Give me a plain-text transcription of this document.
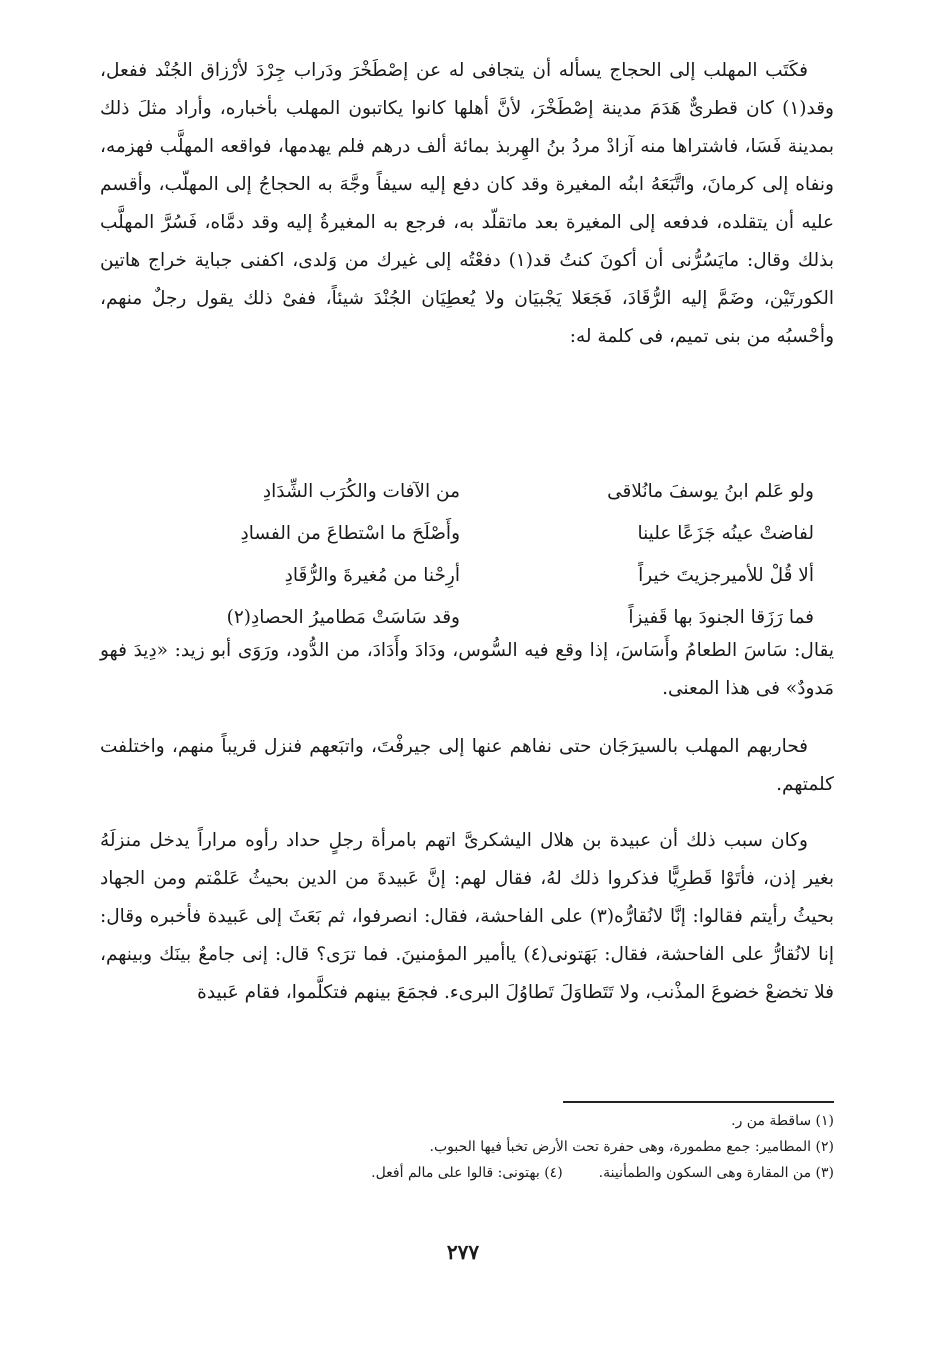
فكَتَب المهلب إلى الحجاج يسأله أن يتجافى له عن إصْطَخْرَ ودَراب جِرْدَ لأرْزاق الجُنْد ففعل، وقد(١) كان قطرىٌّ هَدَمَ مدينة إصْطَخْرَ، لأنَّ أهلها كانوا يكاتبون المهلب بأخباره، وأراد مثلَ ذلك بمدينة فَسَا، فاشتراها منه آزادْ مردُ بنُ الهِربذ بمائة ألف درهم فلم يهدمها، فواقعه المهلَّب فهزمه، ونفاه إلى كرمانَ، واتَّبَعَهُ ابنُه المغيرة وقد كان دفع إليه سيفاً وجَّهَ به الحجاجُ إلى المهلّب، وأقسم عليه أن يتقلده، فدفعه إلى المغيرة بعد ماتقلّد به، فرجع به المغيرةُ إليه وقد دمَّاه، فَسُرَّ المهلَّب بذلك وقال: مايَسُرُّنى أن أكونَ كنتُ قد(١) دفعْتُه إلى غيرك من وَلدى، اكفنى جباية خراج هاتين الكورتَيْن، وضَمَّ إليه الرُّقَادَ، فَجَعَلا يَجْبيَان ولا يُعطِيَان الجُنْدَ شيئاً، ففىْ ذلك يقول رجلٌ منهم، وأحْسبُه من بنى تميم، فى كلمة له:

ولو عَلم ابنُ يوسفَ مانُلاقى
من الآفات والكُرَب الشِّدَادِ
لفاضتْ عينُه جَزَعًا علينا
وأَصْلَحَ ما اسْتطاعَ من الفسادِ
ألا قُلْ للأميرجزيتَ خيراً
أرِحْنا من مُغيرةَ والرُّقَادِ
فما رَزَقا الجنودَ بها قَفيزاً
وقد سَاسَتْ مَطاميرُ الحصادِ(٢)

يقال: سَاسَ الطعامُ وأَسَاسَ، إذا وقع فيه السُّوس، ودَادَ وأَدَادَ، من الدُّود، ورَوَى أبو زيد: «دِيدَ فهو مَدودٌ» فى هذا المعنى.

فحاربهم المهلب بالسيرَجَان حتى نفاهم عنها إلى جيرفْتَ، واتبَعهم فنزل قريباً منهم، واختلفت كلمتهم.

وكان سبب ذلك أن عبيدة بن هلال اليشكرىَّ اتهم بامرأة رجلٍ حداد رأوه مراراً يدخل منزلَهُ بغير إذن، فأتَوْا قَطرِيًّا فذكروا ذلك لهُ، فقال لهم: إنَّ عَبيدةَ من الدين بحيثُ عَلمْتم ومن الجهاد بحيثُ رأيتم فقالوا: إنَّا لانُقارُّه(٣) على الفاحشة، فقال: انصرفوا، ثم بَعَثَ إلى عَبيدة فأخبره وقال: إنا لانُقارُّ على الفاحشة، فقال: بَهَتونى(٤) ياأمير المؤمنينَ. فما ترَى؟ قال: إنى جامعٌ بينَك وبينهم، فلا تخضعْ خضوعَ المذْنب، ولا تَتَطاوَلَ تَطاوُلَ البرىء. فجمَعَ بينهم فتكلَّموا، فقام عَبيدة

(١) ساقطة من ر.

(٢) المطامير: جمع مطمورة، وهى حفرة تحت الأرض تخبأ فيها الحبوب.

(٣) من المقارة وهى السكون والطمأنينة.(٤) بهتونى: قالوا على مالم أفعل.

٢٧٧
